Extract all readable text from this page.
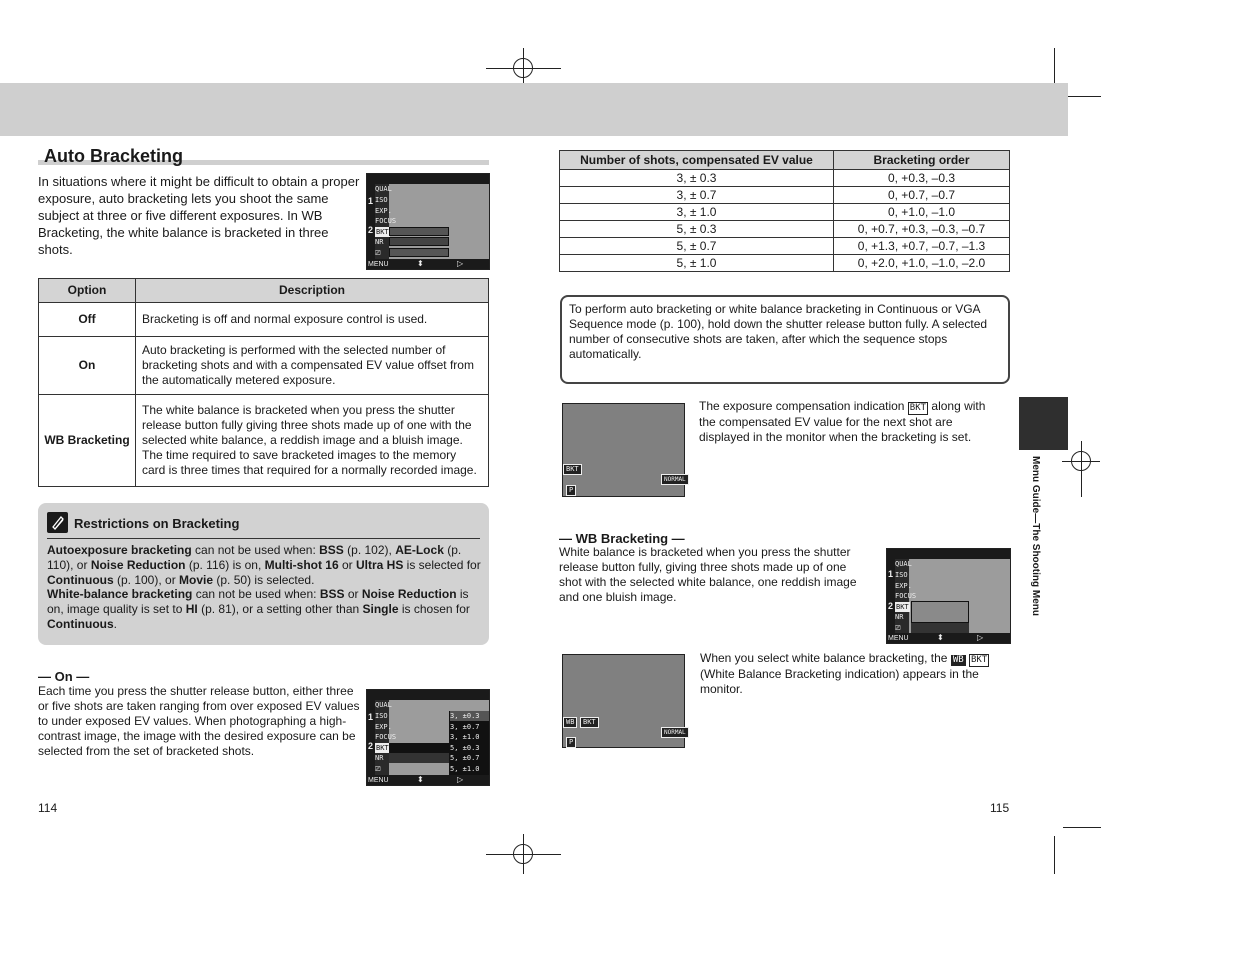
Auto Bracketing
In situations where it might be difficult to obtain a proper exposure, auto bracketing lets you shoot the same subject at three or five different exposures. In WB Bracketing, the white balance is bracketed in three shots.
1
2
QUAL
ISO
EXP.
FOCUS
BKT
NR
⎚
MENU	⬍	▷
Option	Description
Off	Bracketing is off and normal exposure control is used.
On	Auto bracketing is performed with the selected number of bracketing shots and with a compensated EV value offset from the automatically metered exposure.
WB Bracketing	The white balance is bracketed when you press the shutter release button fully giving three shots made up of one with the selected white balance, a reddish image and a bluish image. The time required to save bracketed images to the memory card is three times that required for a normally recorded image.
Restrictions on Bracketing
Autoexposure bracketing can not be used when: BSS (p. 102), AE-Lock (p. 110), or Noise Reduction (p. 116) is on, Multi-shot 16 or Ultra HS is selected for Continuous (p. 100), or Movie (p. 50) is selected.
White-balance bracketing can not be used when: BSS or Noise Reduction is on, image quality is set to HI (p. 81), or a setting other than Single is chosen for Continuous.
— On —
Each time you press the shutter release button, either three or five shots are taken ranging from over exposed EV values to under exposed EV values. When photographing a high-contrast image, the image with the desired exposure can be selected from the set of bracketed shots.
1
2
QUAL
ISO
EXP.
FOCUS
BKT
NR
⎚
3, ±0.3
3, ±0.7
3, ±1.0
5, ±0.3
5, ±0.7
5, ±1.0
MENU	⬍	▷
114
Number of shots, compensated EV value	Bracketing order
3, ± 0.3	0, +0.3, –0.3
3, ± 0.7	0, +0.7, –0.7
3, ± 1.0	0, +1.0, –1.0
5, ± 0.3	0, +0.7, +0.3, –0.3, –0.7
5, ± 0.7	0, +1.3, +0.7, –0.7, –1.3
5, ± 1.0	0, +2.0, +1.0, –1.0, –2.0
To perform auto bracketing or white balance bracketing in Continuous or VGA Sequence mode (p. 100), hold down the shutter release button fully. A selected number of consecutive shots are taken, after which the sequence stops automatically.
BKT
NORMAL
P
The exposure compensation indication BKT along with the compensated EV value for the next shot are displayed in the monitor when the bracketing is set.
— WB Bracketing —
White balance is bracketed when you press the shutter release button fully, giving three shots made up of one shot with the selected white balance, one reddish image and one bluish image.
1
2
QUAL
ISO
EXP.
FOCUS
BKT
NR
⎚
MENU	⬍	▷
WB	BKT
NORMAL
P
When you select white balance bracketing, the WB BKT (White Balance Bracketing indication) appears in the monitor.
Menu Guide—The Shooting Menu
115
